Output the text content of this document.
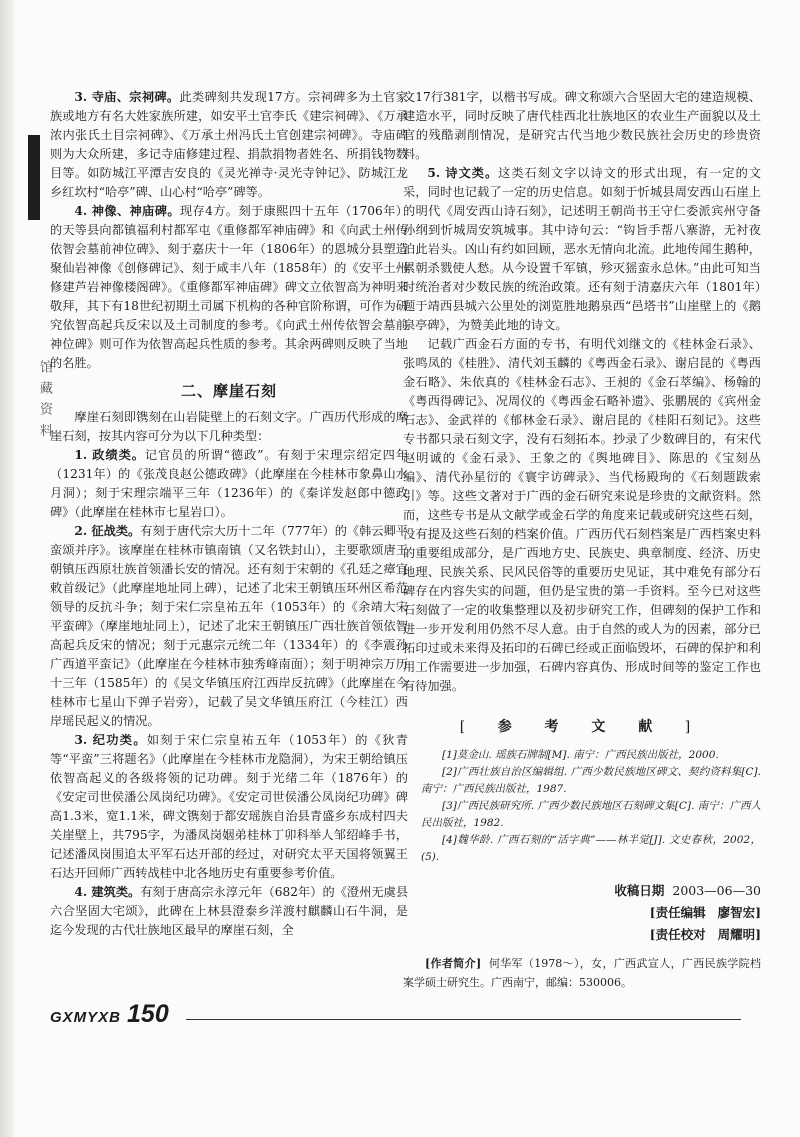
馆 藏 资 料

3. 寺庙、宗祠碑。此类碑刻共发现17方。宗祠碑多为土官家族或地方有名大姓家族所建，如安平土官李氏《建宗祠碑》、《万承浓内张氏土目宗祠碑》、《万承土州冯氏土官创建宗祠碑》。寺庙碑则为大众所建，多记寺庙修建过程、捐款捐物者姓名、所捐钱物数目等。如防城江平潭吉安良的《灵光禅寺·灵光寺钟记》、防城江龙乡红坎村“哈亭”碑、山心村“哈亭”碑等。

4. 神像、神庙碑。现存4方。刻于康熙四十五年（1706年）的天等县向都镇福利村都军屯《重修都军神庙碑》和《向武土州传依智会墓前神位碑》、刻于嘉庆十一年（1806年）的恩城分县塑造聚仙岩神像《创修碑记》、刻于咸丰八年（1858年）的《安平土州修建芦岩神像楼阁碑》。《重修都军神庙碑》碑文立依智高为神明来敬拜，其下有18世纪初期土司属下机构的各种官阶称谓，可作为研究依智高起兵反宋以及土司制度的参考。《向武土州传依智会墓前神位碑》则可作为依智高起兵性质的参考。其余两碑则反映了当地的名胜。

二、摩崖石刻

摩崖石刻即镌刻在山岩陡壁上的石刻文字。广西历代形成的摩崖石刻，按其内容可分为以下几种类型：

1. 政绩类。记官员的所谓“德政”。有刻于宋理宗绍定四年（1231年）的《张茂良赵公德政碑》（此摩崖在今桂林市象鼻山水月洞）；刻于宋理宗端平三年（1236年）的《秦详发赵郎中德政碑》（此摩崖在桂林市七星岩口）。

2. 征战类。有刻于唐代宗大历十二年（777年）的《韩云卿平蛮颂并序》。该摩崖在桂林市镇南镇（又名铁封山），主要歌颂唐王朝镇压西原壮族首领潘长安的情况。还有刻于宋朝的《孔廷之瘴宜敕首级记》（此摩崖地址同上碑），记述了北宋王朝镇压环州区希范领导的反抗斗争；刻于宋仁宗皇祐五年（1053年）的《余靖大宋平蛮碑》（摩崖地址同上），记述了北宋王朝镇压广西壮族首领依智高起兵反宋的情况；刻于元惠宗元统二年（1334年）的《李震孙广西道平蛮记》（此摩崖在今桂林市独秀峰南面）；刻于明神宗万历十三年（1585年）的《吴文华镇压府江西岸反抗碑》（此摩崖在今桂林市七星山下弹子岩旁），记载了吴文华镇压府江（今桂江）西岸瑶民起义的情况。

3. 纪功类。如刻于宋仁宗皇祐五年（1053年）的《狄青等“平蛮”三将题名》（此摩崖在今桂林市龙隐洞），为宋王朝给镇压依智高起义的各级将领的记功碑。刻于光绪二年（1876年）的《安定司世侯潘公凤岗纪功碑》。《安定司世侯潘公凤岗纪功碑》碑高1.3米，宽1.1米，碑文镌刻于都安瑶族自治县青盛乡东成村四夫关崖壁上，共795字，为潘凤岗姻弟桂林丁卯科举人邹绍峰手书，记述潘凤岗围追太平军石达开部的经过，对研究太平天国将领翼王石达开回师广西转战桂中北各地历史有重要参考价值。

4. 建筑类。有刻于唐高宗永淳元年（682年）的《澄州无虞县六合坚固大宅颂》，此碑在上林县澄泰乡洋渡村麒麟山石牛洞，是迄今发现的古代壮族地区最早的摩崖石刻，全

文17行381字，以楷书写成。碑文称颂六合坚固大宅的建造规模、建造水平，同时反映了唐代桂西北壮族地区的农业生产面貌以及土官的残酷剥削情况，是研究古代当地少数民族社会历史的珍贵资料。

5. 诗文类。这类石刻文字以诗文的形式出现，有一定的文采，同时也记载了一定的历史信息。如刻于忻城县周安西山石崖上的明代《周安西山诗石刻》，记述明王朝尚书王守仁委派宾州守备孙纲到忻城周安筑城事。其中诗句云：“钩旨手帮八寨游，无衬夜泊此岩头。凶山有约如回顾，恶水无情向北流。此地传闻生鹅种，累朝杀戮使人愁。从今设置千军镇，殄灭猺蛮永总休。”由此可知当时统治者对少数民族的统治政策。还有刻于清嘉庆六年（1801年）题于靖西县城六公里处的浏览胜地鹅泉西“邑塔书”山崖壁上的《鹅泉亭碑》，为赞美此地的诗文。

记载广西金石方面的专书，有明代刘继文的《桂林金石录》、张鸣凤的《桂胜》、清代刘玉麟的《粤西金石录》、谢启昆的《粤西金石略》、朱依真的《桂林金石志》、王昶的《金石萃编》、杨翰的《粤西得碑记》、况周仪的《粤西金石略补遗》、张鹏展的《宾州金石志》、金武祥的《郁林金石录》、谢启昆的《桂阳石刻记》。这些专书都只录石刻文字，没有石刻拓本。抄录了少数碑目的，有宋代赵明诚的《金石录》、王象之的《舆地碑目》、陈思的《宝刻丛编》、清代孙星衍的《寰宇访碑录》、当代杨殿珣的《石刻题跋索引》等。这些文著对于广西的金石研究来说是珍贵的文献资料。然而，这些专书是从文献学或金石学的角度来记载或研究这些石刻，没有提及这些石刻的档案价值。广西历代石刻档案是广西档案史料的重要组成部分，是广西地方史、民族史、典章制度、经济、历史地理、民族关系、民风民俗等的重要历史见证，其中难免有部分石碑存在内容失实的问题，但仍是宝贵的第一手资料。至今已对这些石刻做了一定的收集整理以及初步研究工作，但碑刻的保护工作和进一步开发利用仍然不尽人意。由于自然的或人为的因素，部分已拓印过或未来得及拓印的石碑已经或正面临毁坏，石碑的保护和利用工作需要进一步加强，石碑内容真伪、形成时间等的鉴定工作也有待加强。

[ 参 考 文 献 ]

[1]莫金山. 瑶族石牌制[M]. 南宁：广西民族出版社，2000.

[2]广西壮族自治区编辑组. 广西少数民族地区碑文、契约资料集[C]. 南宁：广西民族出版社，1987.

[3]广西民族研究所. 广西少数民族地区石刻碑文集[C]. 南宁：广西人民出版社，1982.

[4]魏华龄. 广西石刻的“活字典”——林半觉[J]. 文史春秋，2002，(5).

收稿日期 2003—06—30
[责任编辑 廖智宏]
[责任校对 周耀明]
[作者简介] 何华军（1978～），女，广西武宣人，广西民族学院档案学硕士研究生。广西南宁，邮编：530006。
GXMYXB 150
